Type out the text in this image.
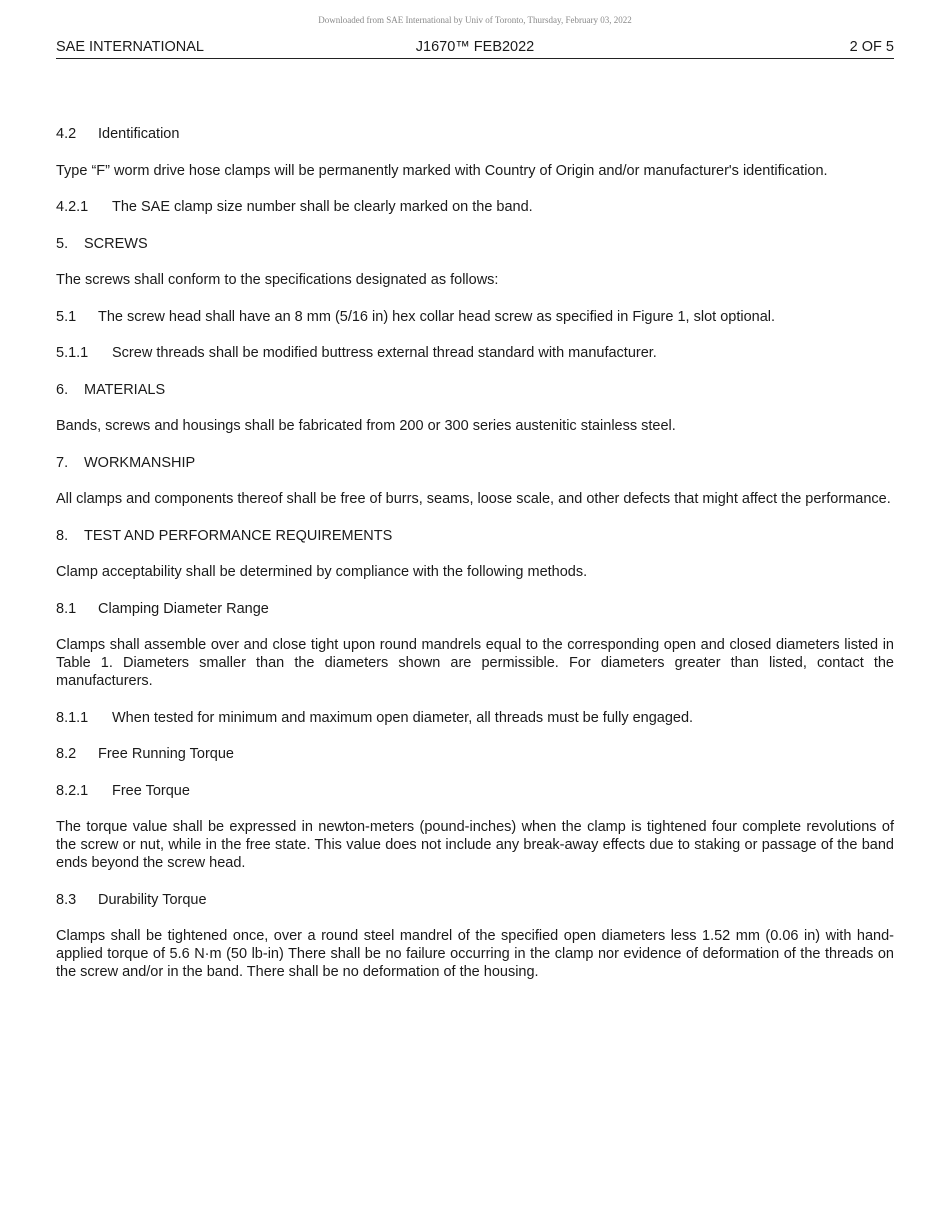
Downloaded from SAE International by Univ of Toronto, Thursday, February 03, 2022
SAE INTERNATIONAL	J1670™ FEB2022	2 OF 5
4.2	Identification
Type “F” worm drive hose clamps will be permanently marked with Country of Origin and/or manufacturer's identification.
4.2.1	The SAE clamp size number shall be clearly marked on the band.
5.	SCREWS
The screws shall conform to the specifications designated as follows:
5.1	The screw head shall have an 8 mm (5/16 in) hex collar head screw as specified in Figure 1, slot optional.
5.1.1	Screw threads shall be modified buttress external thread standard with manufacturer.
6.	MATERIALS
Bands, screws and housings shall be fabricated from 200 or 300 series austenitic stainless steel.
7.	WORKMANSHIP
All clamps and components thereof shall be free of burrs, seams, loose scale, and other defects that might affect the performance.
8.	TEST AND PERFORMANCE REQUIREMENTS
Clamp acceptability shall be determined by compliance with the following methods.
8.1	Clamping Diameter Range
Clamps shall assemble over and close tight upon round mandrels equal to the corresponding open and closed diameters listed in Table 1. Diameters smaller than the diameters shown are permissible. For diameters greater than listed, contact the manufacturers.
8.1.1	When tested for minimum and maximum open diameter, all threads must be fully engaged.
8.2	Free Running Torque
8.2.1	Free Torque
The torque value shall be expressed in newton-meters (pound-inches) when the clamp is tightened four complete revolutions of the screw or nut, while in the free state. This value does not include any break-away effects due to staking or passage of the band ends beyond the screw head.
8.3	Durability Torque
Clamps shall be tightened once, over a round steel mandrel of the specified open diameters less 1.52 mm (0.06 in) with hand-applied torque of 5.6 N·m (50 lb-in) There shall be no failure occurring in the clamp nor evidence of deformation of the threads on the screw and/or in the band. There shall be no deformation of the housing.
